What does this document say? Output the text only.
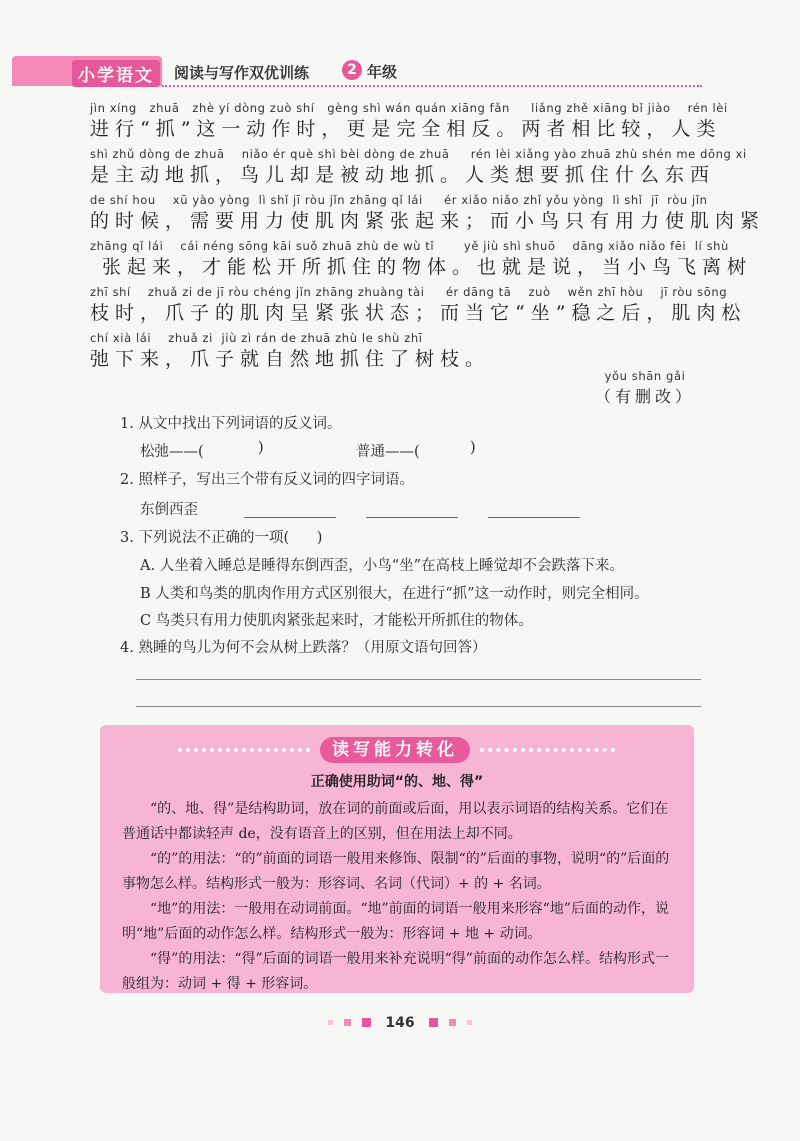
小学语文	阅读与写作双优训练	2 年级
jìn xíng   zhuā   zhè yí dòng zuò shí   gèng shì wán quán xiāng fǎn     liǎng zhě xiāng bǐ jiào    rén lèi
进行“抓”这一动作时，更是完全相反。两者相比较，人类
shì zhǔ dòng de zhuā    niǎo ér què shì bèi dòng de zhuā     rén lèi xiǎng yào zhuā zhù shén me dōng xi
是主动地抓，鸟儿却是被动地抓。人类想要抓住什么东西
de shí hou    xū yào yòng  lì shǐ jī ròu jǐn zhāng qǐ lái     ér xiǎo niǎo zhǐ yǒu yòng  lì shǐ  jī  ròu jǐn
的时候，需要用力使肌肉紧张起来；而小鸟只有用力使肌肉紧
zhāng qǐ lái    cái néng sōng kāi suǒ zhuā zhù de wù tǐ       yě jiù shì shuō    dāng xiǎo niǎo fēi  lí shù
张起来，才能松开所抓住的物体。也就是说，当小鸟飞离树
zhī shí    zhuǎ zi de jī ròu chéng jǐn zhāng zhuàng tài     ér dāng tā    zuò    wěn zhī hòu    jī ròu sōng
枝时，爪子的肌肉呈紧张状态；而当它“坐”稳之后，肌肉松
chí xià lái    zhuǎ zi  jiù zì rán de zhuā zhù le shù zhī
弛下来，爪子就自然地抓住了树枝。
yǒu shān gǎi
（有删改）
1. 从文中找出下列词语的反义词。
松弛——(	)	普通——(	)
2. 照样子，写出三个带有反义词的四字词语。
东倒西歪
3. 下列说法不正确的一项(      )
A. 人坐着入睡总是睡得东倒西歪，小鸟“坐”在高枝上睡觉却不会跌落下来。
B 人类和鸟类的肌肉作用方式区别很大，在进行“抓”这一动作时，则完全相同。
C 鸟类只有用力使肌肉紧张起来时，才能松开所抓住的物体。
4. 熟睡的鸟儿为何不会从树上跌落？（用原文语句回答）
读写能力转化
正确使用助词“的、地、得”

“的、地、得”是结构助词，放在词的前面或后面，用以表示词语的结构关系。它们在普通话中都读轻声 de，没有语音上的区别，但在用法上却不同。

“的”的用法：“的”前面的词语一般用来修饰、限制“的”后面的事物，说明“的”后面的事物怎么样。结构形式一般为：形容词、名词（代词）+ 的 + 名词。

“地”的用法：一般用在动词前面。“地”前面的词语一般用来形容“地”后面的动作，说明“地”后面的动作怎么样。结构形式一般为：形容词 + 地 + 动词。

“得”的用法：“得”后面的词语一般用来补充说明“得”前面的动作怎么样。结构形式一般组为：动词 + 得 + 形容词。

146
